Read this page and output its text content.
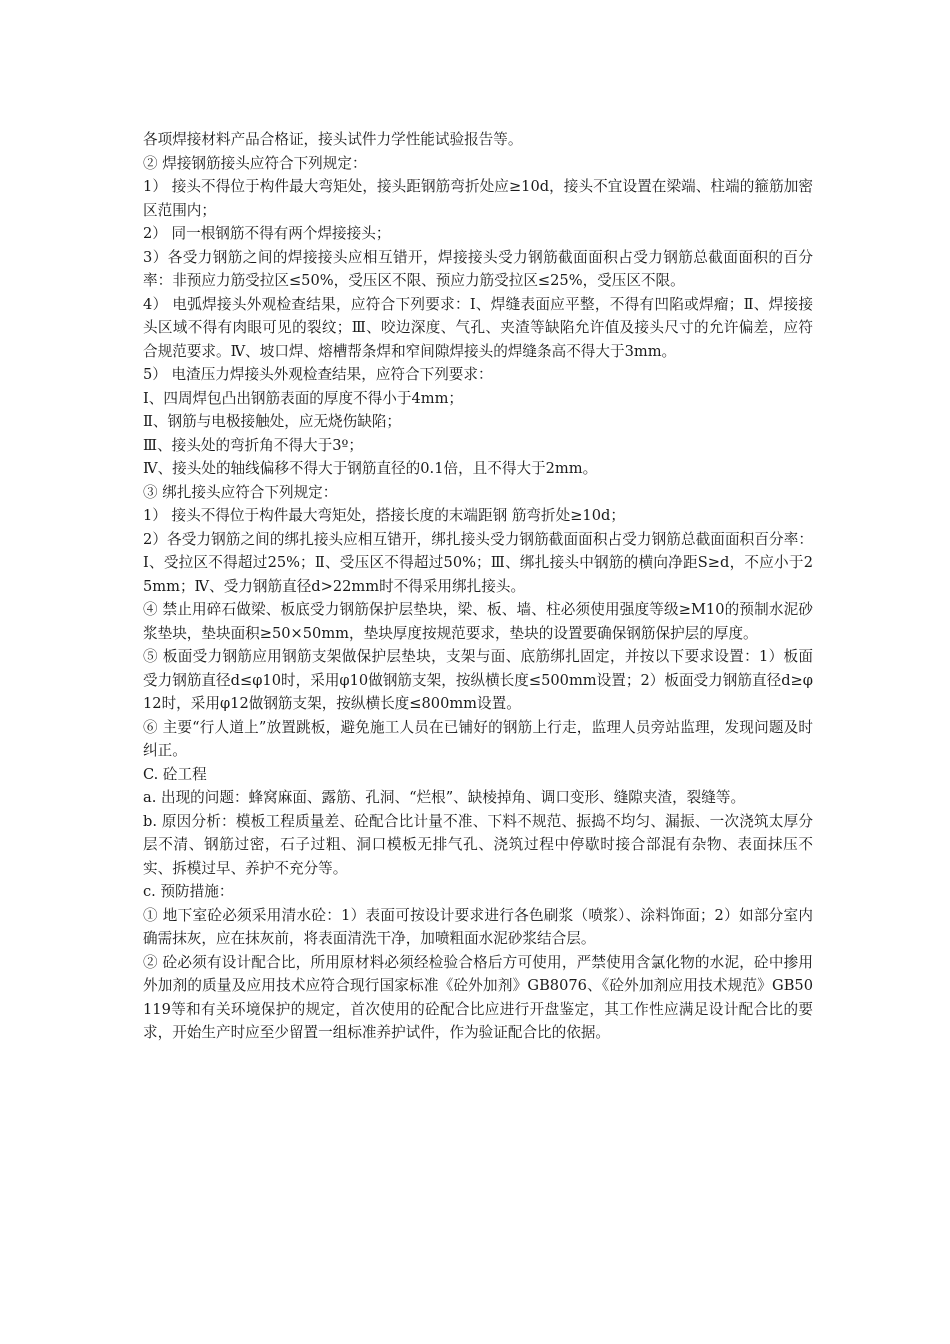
各项焊接材料产品合格证，接头试件力学性能试验报告等。

② 焊接钢筋接头应符合下列规定：

1） 接头不得位于构件最大弯矩处，接头距钢筋弯折处应≥10d，接头不宜设置在梁端、柱端的箍筋加密区范围内；

2） 同一根钢筋不得有两个焊接接头；

3）各受力钢筋之间的焊接接头应相互错开，焊接接头受力钢筋截面面积占受力钢筋总截面面积的百分率：非预应力筋受拉区≤50%，受压区不限、预应力筋受拉区≤25%，受压区不限。

4） 电弧焊接头外观检查结果，应符合下列要求：Ⅰ、焊缝表面应平整，不得有凹陷或焊瘤；Ⅱ、焊接接头区域不得有肉眼可见的裂纹；Ⅲ、咬边深度、气孔、夹渣等缺陷允许值及接头尺寸的允许偏差，应符合规范要求。Ⅳ、坡口焊、熔槽帮条焊和窄间隙焊接头的焊缝条高不得大于3mm。

5） 电渣压力焊接头外观检查结果，应符合下列要求：

Ⅰ、四周焊包凸出钢筋表面的厚度不得小于4mm；

Ⅱ、钢筋与电极接触处，应无烧伤缺陷；

Ⅲ、接头处的弯折角不得大于3º；

Ⅳ、接头处的轴线偏移不得大于钢筋直径的0.1倍，且不得大于2mm。

③ 绑扎接头应符合下列规定：

1） 接头不得位于构件最大弯矩处，搭接长度的末端距钢 筋弯折处≥10d；

2）各受力钢筋之间的绑扎接头应相互错开，绑扎接头受力钢筋截面面积占受力钢筋总截面面积百分率：Ⅰ、受拉区不得超过25%；Ⅱ、受压区不得超过50%；Ⅲ、绑扎接头中钢筋的横向净距S≥d，不应小于25mm；Ⅳ、受力钢筋直径d>22mm时不得采用绑扎接头。

④ 禁止用碎石做梁、板底受力钢筋保护层垫块，梁、板、墙、柱必须使用强度等级≥M10的预制水泥砂浆垫块，垫块面积≥50×50mm，垫块厚度按规范要求，垫块的设置要确保钢筋保护层的厚度。

⑤ 板面受力钢筋应用钢筋支架做保护层垫块，支架与面、底筋绑扎固定，并按以下要求设置：1）板面受力钢筋直径d≤φ10时，采用φ10做钢筋支架，按纵横长度≤500mm设置；2）板面受力钢筋直径d≥φ12时，采用φ12做钢筋支架，按纵横长度≤800mm设置。

⑥ 主要“行人道上”放置跳板，避免施工人员在已铺好的钢筋上行走，监理人员旁站监理，发现问题及时纠正。

C. 砼工程

a. 出现的问题：蜂窝麻面、露筋、孔洞、“烂根”、缺棱掉角、调口变形、缝隙夹渣，裂缝等。

b. 原因分析：模板工程质量差、砼配合比计量不准、下料不规范、振捣不均匀、漏振、一次浇筑太厚分层不清、钢筋过密，石子过粗、洞口模板无排气孔、浇筑过程中停歇时接合部混有杂物、表面抹压不实、拆模过早、养护不充分等。

c. 预防措施：

① 地下室砼必须采用清水砼：1）表面可按设计要求进行各色刷浆（喷浆）、涂料饰面；2）如部分室内确需抹灰，应在抹灰前，将表面清洗干净，加喷粗面水泥砂浆结合层。

② 砼必须有设计配合比，所用原材料必须经检验合格后方可使用，严禁使用含氯化物的水泥，砼中掺用外加剂的质量及应用技术应符合现行国家标准《砼外加剂》GB8076、《砼外加剂应用技术规范》GB50119等和有关环境保护的规定，首次使用的砼配合比应进行开盘鉴定，其工作性应满足设计配合比的要求，开始生产时应至少留置一组标准养护试件，作为验证配合比的依据。
